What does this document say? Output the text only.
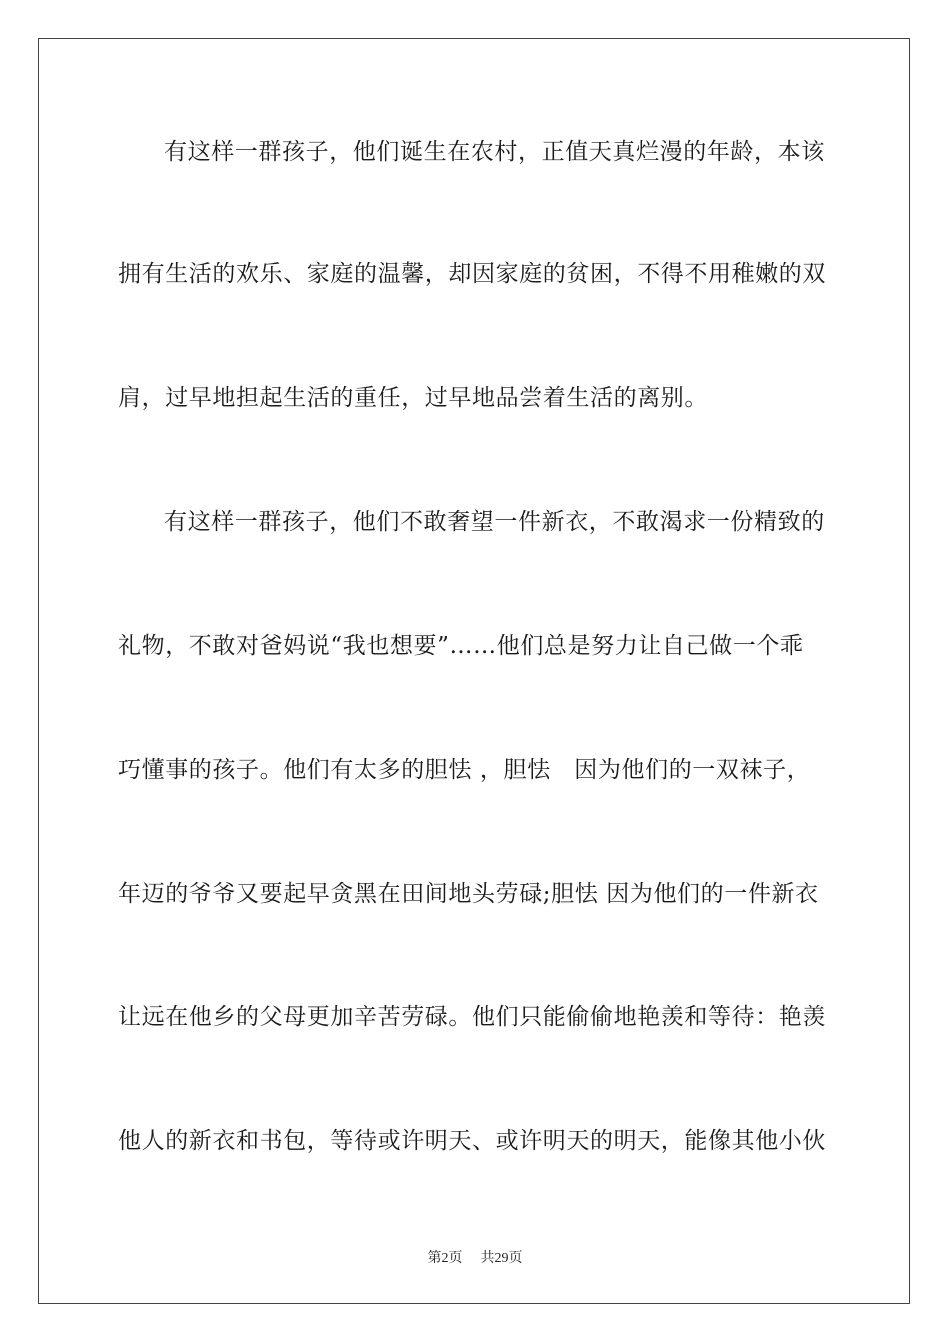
有这样一群孩子，他们诞生在农村，正值天真烂漫的年龄，本该
拥有生活的欢乐、家庭的温馨，却因家庭的贫困，不得不用稚嫩的双
肩，过早地担起生活的重任，过早地品尝着生活的离别。
有这样一群孩子，他们不敢奢望一件新衣，不敢渴求一份精致的
礼物，不敢对爸妈说“我也想要”……他们总是努力让自己做一个乖
巧懂事的孩子。他们有太多的胆怯 ，胆怯　因为他们的一双袜子，
年迈的爷爷又要起早贪黑在田间地头劳碌;胆怯 因为他们的一件新衣
让远在他乡的父母更加辛苦劳碌。他们只能偷偷地艳羡和等待：艳羡
他人的新衣和书包，等待或许明天、或许明天的明天，能像其他小伙
第2页 共29页
